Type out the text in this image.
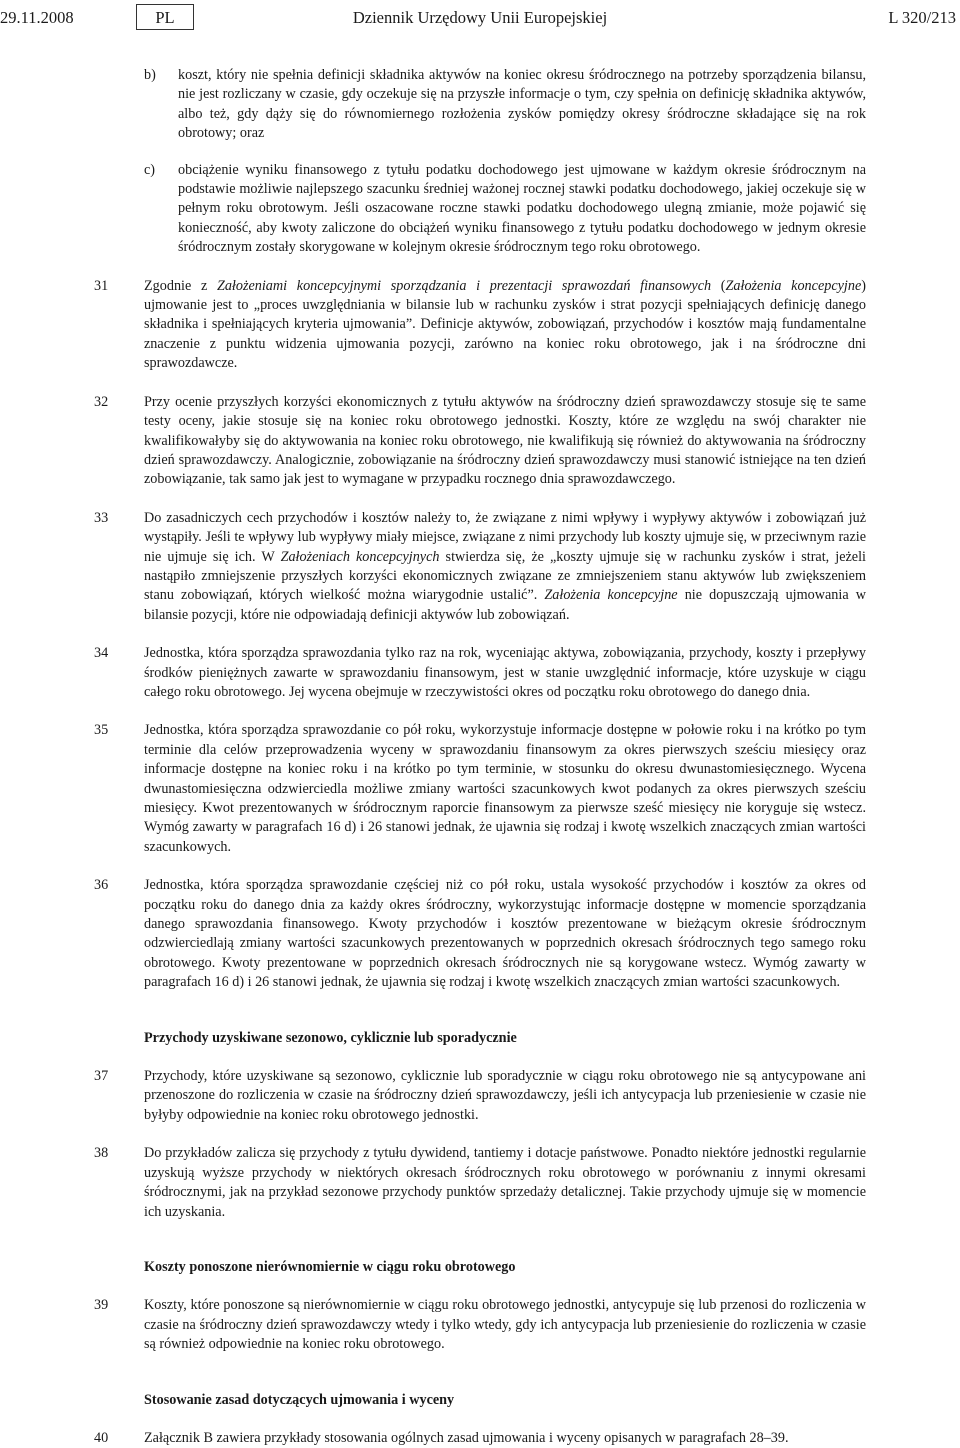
29.11.2008	PL	Dziennik Urzędowy Unii Europejskiej	L 320/213
b) koszt, który nie spełnia definicji składnika aktywów na koniec okresu śródrocznego na potrzeby sporządzenia bilansu, nie jest rozliczany w czasie, gdy oczekuje się na przyszłe informacje o tym, czy spełnia on definicję składnika aktywów, albo też, gdy dąży się do równomiernego rozłożenia zysków pomiędzy okresy śródroczne składające się na rok obrotowy; oraz
c) obciążenie wyniku finansowego z tytułu podatku dochodowego jest ujmowane w każdym okresie śródrocznym na podstawie możliwie najlepszego szacunku średniej ważonej rocznej stawki podatku dochodowego, jakiej oczekuje się w pełnym roku obrotowym. Jeśli oszacowane roczne stawki podatku dochodowego ulegną zmianie, może pojawić się konieczność, aby kwoty zaliczone do obciążeń wyniku finansowego z tytułu podatku dochodowego w jednym okresie śródrocznym zostały skorygowane w kolejnym okresie śródrocznym tego roku obrotowego.
31	Zgodnie z Założeniami koncepcyjnymi sporządzania i prezentacji sprawozdań finansowych (Założenia koncepcyjne) ujmowanie jest to „proces uwzględniania w bilansie lub w rachunku zysków i strat pozycji spełniających definicję danego składnika i spełniających kryteria ujmowania”. Definicje aktywów, zobowiązań, przychodów i kosztów mają fundamentalne znaczenie z punktu widzenia ujmowania pozycji, zarówno na koniec roku obrotowego, jak i na śródroczne dni sprawozdawcze.
32	Przy ocenie przyszłych korzyści ekonomicznych z tytułu aktywów na śródroczny dzień sprawozdawczy stosuje się te same testy oceny, jakie stosuje się na koniec roku obrotowego jednostki. Koszty, które ze względu na swój charakter nie kwalifikowałyby się do aktywowania na koniec roku obrotowego, nie kwalifikują się również do aktywowania na śródroczny dzień sprawozdawczy. Analogicznie, zobowiązanie na śródroczny dzień sprawozdawczy musi stanowić istniejące na ten dzień zobowiązanie, tak samo jak jest to wymagane w przypadku rocznego dnia sprawozdawczego.
33	Do zasadniczych cech przychodów i kosztów należy to, że związane z nimi wpływy i wypływy aktywów i zobowiązań już wystąpiły. Jeśli te wpływy lub wypływy miały miejsce, związane z nimi przychody lub koszty ujmuje się, w przeciwnym razie nie ujmuje się ich. W Założeniach koncepcyjnych stwierdza się, że „koszty ujmuje się w rachunku zysków i strat, jeżeli nastąpiło zmniejszenie przyszłych korzyści ekonomicznych związane ze zmniejszeniem stanu aktywów lub zwiększeniem stanu zobowiązań, których wielkość można wiarygodnie ustalić”. Założenia koncepcyjne nie dopuszczają ujmowania w bilansie pozycji, które nie odpowiadają definicji aktywów lub zobowiązań.
34	Jednostka, która sporządza sprawozdania tylko raz na rok, wyceniając aktywa, zobowiązania, przychody, koszty i przepływy środków pieniężnych zawarte w sprawozdaniu finansowym, jest w stanie uwzględnić informacje, które uzyskuje w ciągu całego roku obrotowego. Jej wycena obejmuje w rzeczywistości okres od początku roku obrotowego do danego dnia.
35	Jednostka, która sporządza sprawozdanie co pół roku, wykorzystuje informacje dostępne w połowie roku i na krótko po tym terminie dla celów przeprowadzenia wyceny w sprawozdaniu finansowym za okres pierwszych sześciu miesięcy oraz informacje dostępne na koniec roku i na krótko po tym terminie, w stosunku do okresu dwunastomiesięcznego. Wycena dwunastomiesięczna odzwierciedla możliwe zmiany wartości szacunkowych kwot podanych za okres pierwszych sześciu miesięcy. Kwot prezentowanych w śródrocznym raporcie finansowym za pierwsze sześć miesięcy nie koryguje się wstecz. Wymóg zawarty w paragrafach 16 d) i 26 stanowi jednak, że ujawnia się rodzaj i kwotę wszelkich znaczących zmian wartości szacunkowych.
36	Jednostka, która sporządza sprawozdanie częściej niż co pół roku, ustala wysokość przychodów i kosztów za okres od początku roku do danego dnia za każdy okres śródroczny, wykorzystując informacje dostępne w momencie sporządzania danego sprawozdania finansowego. Kwoty przychodów i kosztów prezentowane w bieżącym okresie śródrocznym odzwierciedlają zmiany wartości szacunkowych prezentowanych w poprzednich okresach śródrocznych tego samego roku obrotowego. Kwoty prezentowane w poprzednich okresach śródrocznych nie są korygowane wstecz. Wymóg zawarty w paragrafach 16 d) i 26 stanowi jednak, że ujawnia się rodzaj i kwotę wszelkich znaczących zmian wartości szacunkowych.
Przychody uzyskiwane sezonowo, cyklicznie lub sporadycznie
37	Przychody, które uzyskiwane są sezonowo, cyklicznie lub sporadycznie w ciągu roku obrotowego nie są antycypowane ani przenoszone do rozliczenia w czasie na śródroczny dzień sprawozdawczy, jeśli ich antycypacja lub przeniesienie w czasie nie byłyby odpowiednie na koniec roku obrotowego jednostki.
38	Do przykładów zalicza się przychody z tytułu dywidend, tantiemy i dotacje państwowe. Ponadto niektóre jednostki regularnie uzyskują wyższe przychody w niektórych okresach śródrocznych roku obrotowego w porównaniu z innymi okresami śródrocznymi, jak na przykład sezonowe przychody punktów sprzedaży detalicznej. Takie przychody ujmuje się w momencie ich uzyskania.
Koszty ponoszone nierównomiernie w ciągu roku obrotowego
39	Koszty, które ponoszone są nierównomiernie w ciągu roku obrotowego jednostki, antycypuje się lub przenosi do rozliczenia w czasie na śródroczny dzień sprawozdawczy wtedy i tylko wtedy, gdy ich antycypacja lub przeniesienie do rozliczenia w czasie są również odpowiednie na koniec roku obrotowego.
Stosowanie zasad dotyczących ujmowania i wyceny
40	Załącznik B zawiera przykłady stosowania ogólnych zasad ujmowania i wyceny opisanych w paragrafach 28–39.
